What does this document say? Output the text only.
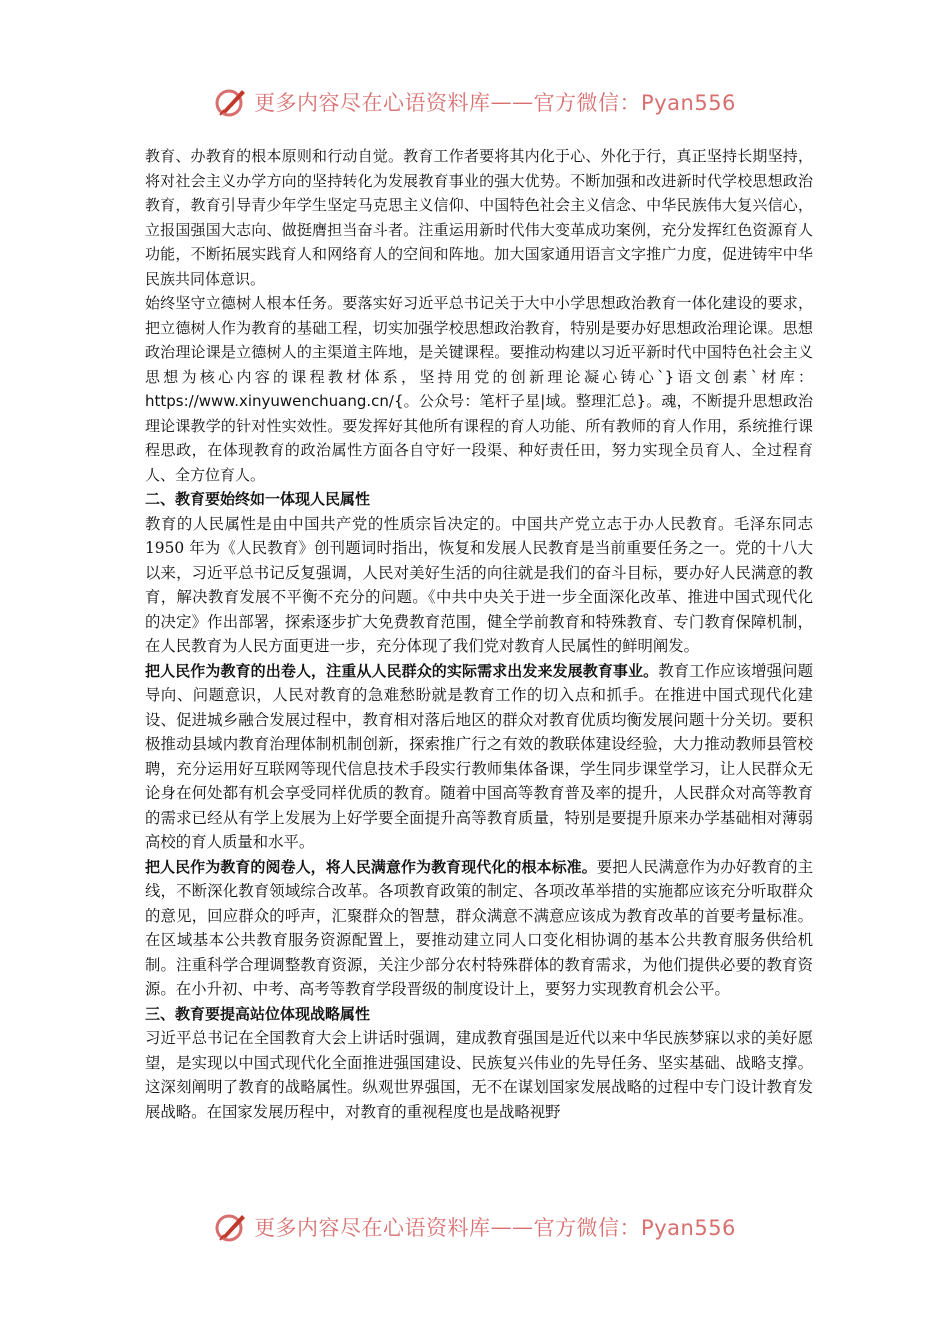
更多内容尽在心语资料库 —— 官方微信：Pyan556

教育、办教育的根本原则和行动自觉。教育工作者要将其内化于心、外化于行，真正坚持长期坚持，将对社会主义办学方向的坚持转化为发展教育事业的强大优势。不断加强和改进新时代学校思想政治教育，教育引导青少年学生坚定马克思主义信仰、中国特色社会主义信念、中华民族伟大复兴信心，立报国强国大志向、做挺膺担当奋斗者。注重运用新时代伟大变革成功案例，充分发挥红色资源育人功能，不断拓展实践育人和网络育人的空间和阵地。加大国家通用语言文字推广力度，促进铸牢中华民族共同体意识。

始终坚守立德树人根本任务。要落实好习近平总书记关于大中小学思想政治教育一体化建设的要求，把立德树人作为教育的基础工程，切实加强学校思想政治教育，特别是要办好思想政治理论课。思想政治理论课是立德树人的主渠道主阵地，是关键课程。要推动构建以习近平新时代中国特色社会主义思想为核心内容的课程教材体系，坚持用党的创新理论凝心铸心`}语文创素`材库：https://www.xinyuwenchuang.cn/{。公众号：笔杆子星|域。整理汇总}。魂，不断提升思想政治理论课教学的针对性实效性。要发挥好其他所有课程的育人功能、所有教师的育人作用，系统推行课程思政，在体现教育的政治属性方面各自守好一段渠、种好责任田，努力实现全员育人、全过程育人、全方位育人。

二、教育要始终如一体现人民属性

教育的人民属性是由中国共产党的性质宗旨决定的。中国共产党立志于办人民教育。毛泽东同志 1950 年为《人民教育》创刊题词时指出，恢复和发展人民教育是当前重要任务之一。党的十八大以来，习近平总书记反复强调，人民对美好生活的向往就是我们的奋斗目标，要办好人民满意的教育，解决教育发展不平衡不充分的问题。《中共中央关于进一步全面深化改革、推进中国式现代化的决定》作出部署，探索逐步扩大免费教育范围，健全学前教育和特殊教育、专门教育保障机制，在人民教育为人民方面更进一步，充分体现了我们党对教育人民属性的鲜明阐发。

把人民作为教育的出卷人，注重从人民群众的实际需求出发来发展教育事业。教育工作应该增强问题导向、问题意识，人民对教育的急难愁盼就是教育工作的切入点和抓手。在推进中国式现代化建设、促进城乡融合发展过程中，教育相对落后地区的群众对教育优质均衡发展问题十分关切。要积极推动县域内教育治理体制机制创新，探索推广行之有效的教联体建设经验，大力推动教师县管校聘，充分运用好互联网等现代信息技术手段实行教师集体备课，学生同步课堂学习，让人民群众无论身在何处都有机会享受同样优质的教育。随着中国高等教育普及率的提升，人民群众对高等教育的需求已经从有学上发展为上好学要全面提升高等教育质量，特别是要提升原来办学基础相对薄弱高校的育人质量和水平。

把人民作为教育的阅卷人，将人民满意作为教育现代化的根本标准。要把人民满意作为办好教育的主线，不断深化教育领域综合改革。各项教育政策的制定、各项改革举措的实施都应该充分听取群众的意见，回应群众的呼声，汇聚群众的智慧，群众满意不满意应该成为教育改革的首要考量标准。在区域基本公共教育服务资源配置上，要推动建立同人口变化相协调的基本公共教育服务供给机制。注重科学合理调整教育资源，关注少部分农村特殊群体的教育需求，为他们提供必要的教育资源。在小升初、中考、高考等教育学段晋级的制度设计上，要努力实现教育机会公平。

三、教育要提高站位体现战略属性

习近平总书记在全国教育大会上讲话时强调，建成教育强国是近代以来中华民族梦寐以求的美好愿望，是实现以中国式现代化全面推进强国建设、民族复兴伟业的先导任务、坚实基础、战略支撑。这深刻阐明了教育的战略属性。纵观世界强国，无不在谋划国家发展战略的过程中专门设计教育发展战略。在国家发展历程中，对教育的重视程度也是战略视野

更多内容尽在心语资料库 —— 官方微信：Pyan556
